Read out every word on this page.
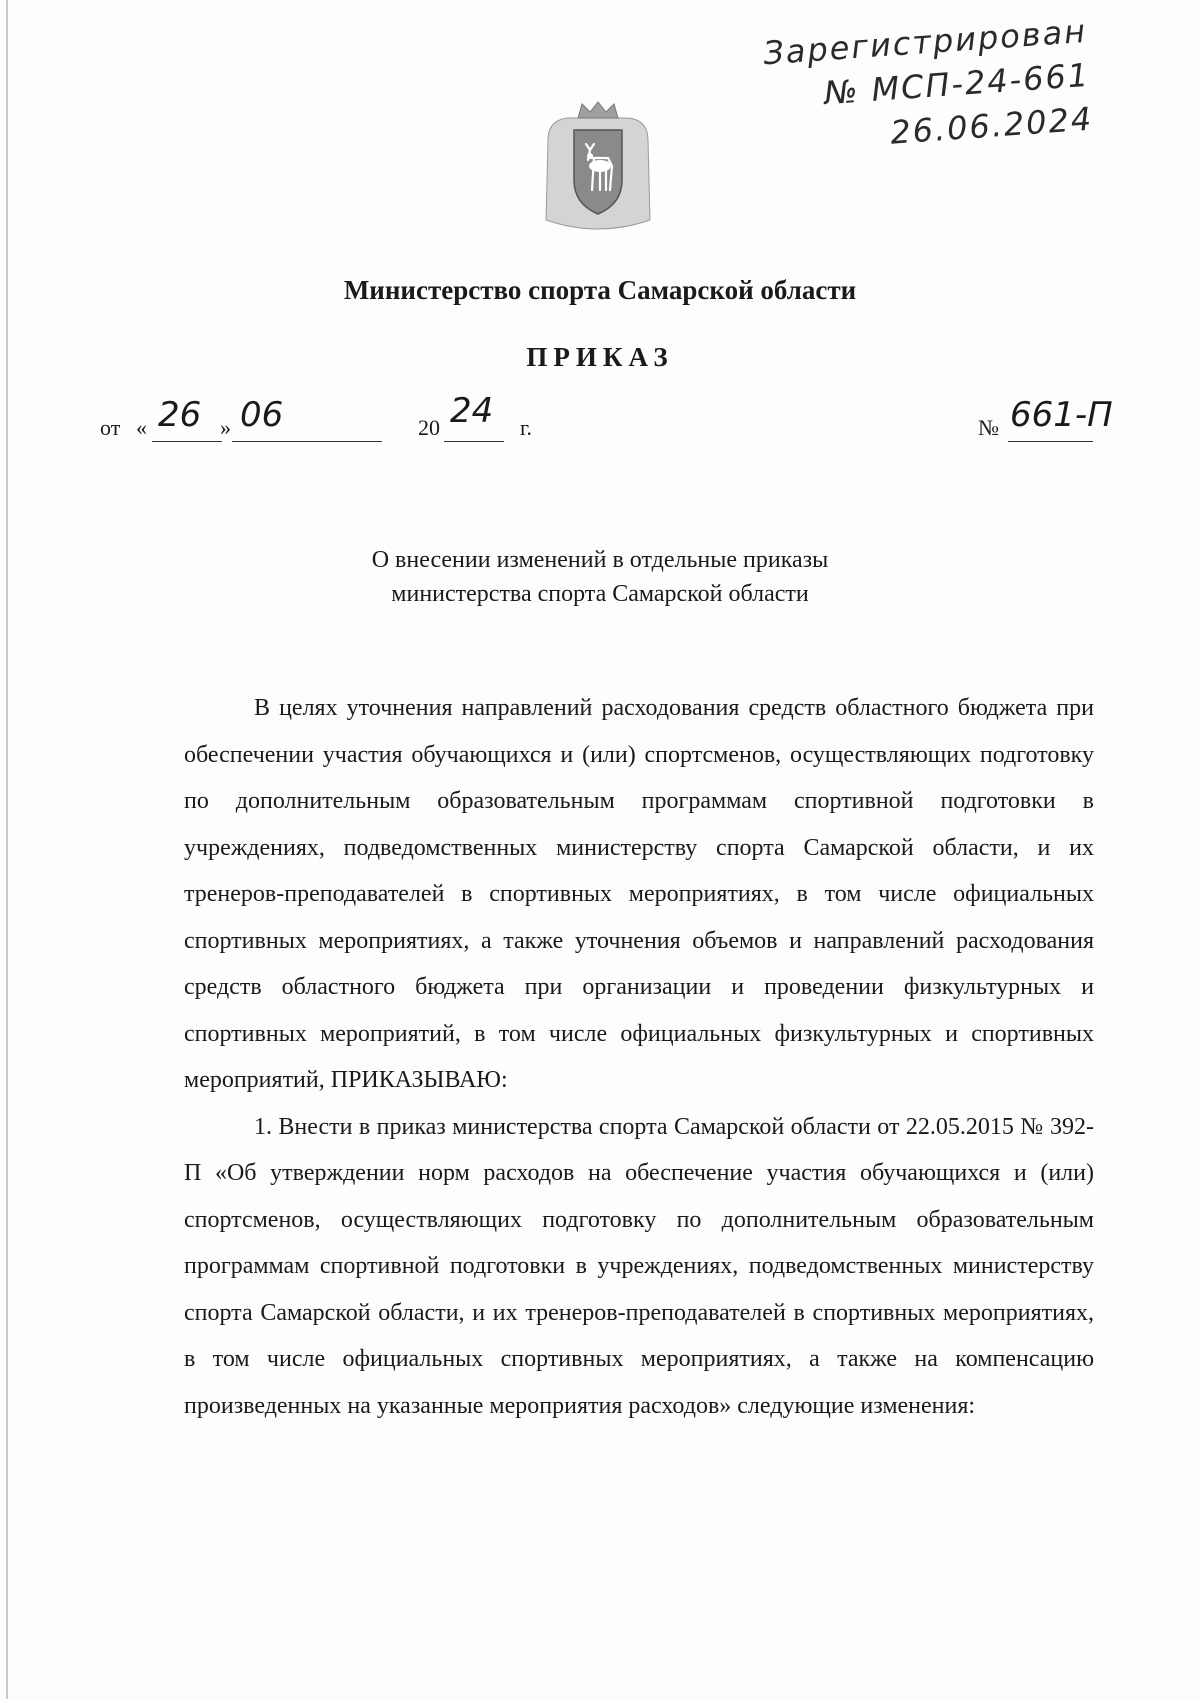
Зарегистрирован
№ МСП-24-661
26.06.2024
Министерство спорта Самарской области
ПРИКАЗ
от « 26 » 06	20 24 г.	№ 661-П
О внесении изменений в отдельные приказы
министерства спорта Самарской области

В целях уточнения направлений расходования средств областного бюджета при обеспечении участия обучающихся и (или) спортсменов, осуществляющих подготовку по дополнительным образовательным программам спортивной подготовки в учреждениях, подведомственных министерству спорта Самарской области, и их тренеров-преподавателей в спортивных мероприятиях, в том числе официальных спортивных мероприятиях, а также уточнения объемов и направлений расходования средств областного бюджета при организации и проведении физкультурных и спортивных мероприятий, в том числе официальных физкультурных и спортивных мероприятий, ПРИКАЗЫВАЮ:

1. Внести в приказ министерства спорта Самарской области от 22.05.2015 № 392-П «Об утверждении норм расходов на обеспечение участия обучающихся и (или) спортсменов, осуществляющих подготовку по дополнительным образовательным программам спортивной подготовки в учреждениях, подведомственных министерству спорта Самарской области, и их тренеров-преподавателей в спортивных мероприятиях, в том числе официальных спортивных мероприятиях, а также на компенсацию произведенных на указанные мероприятия расходов» следующие изменения:
